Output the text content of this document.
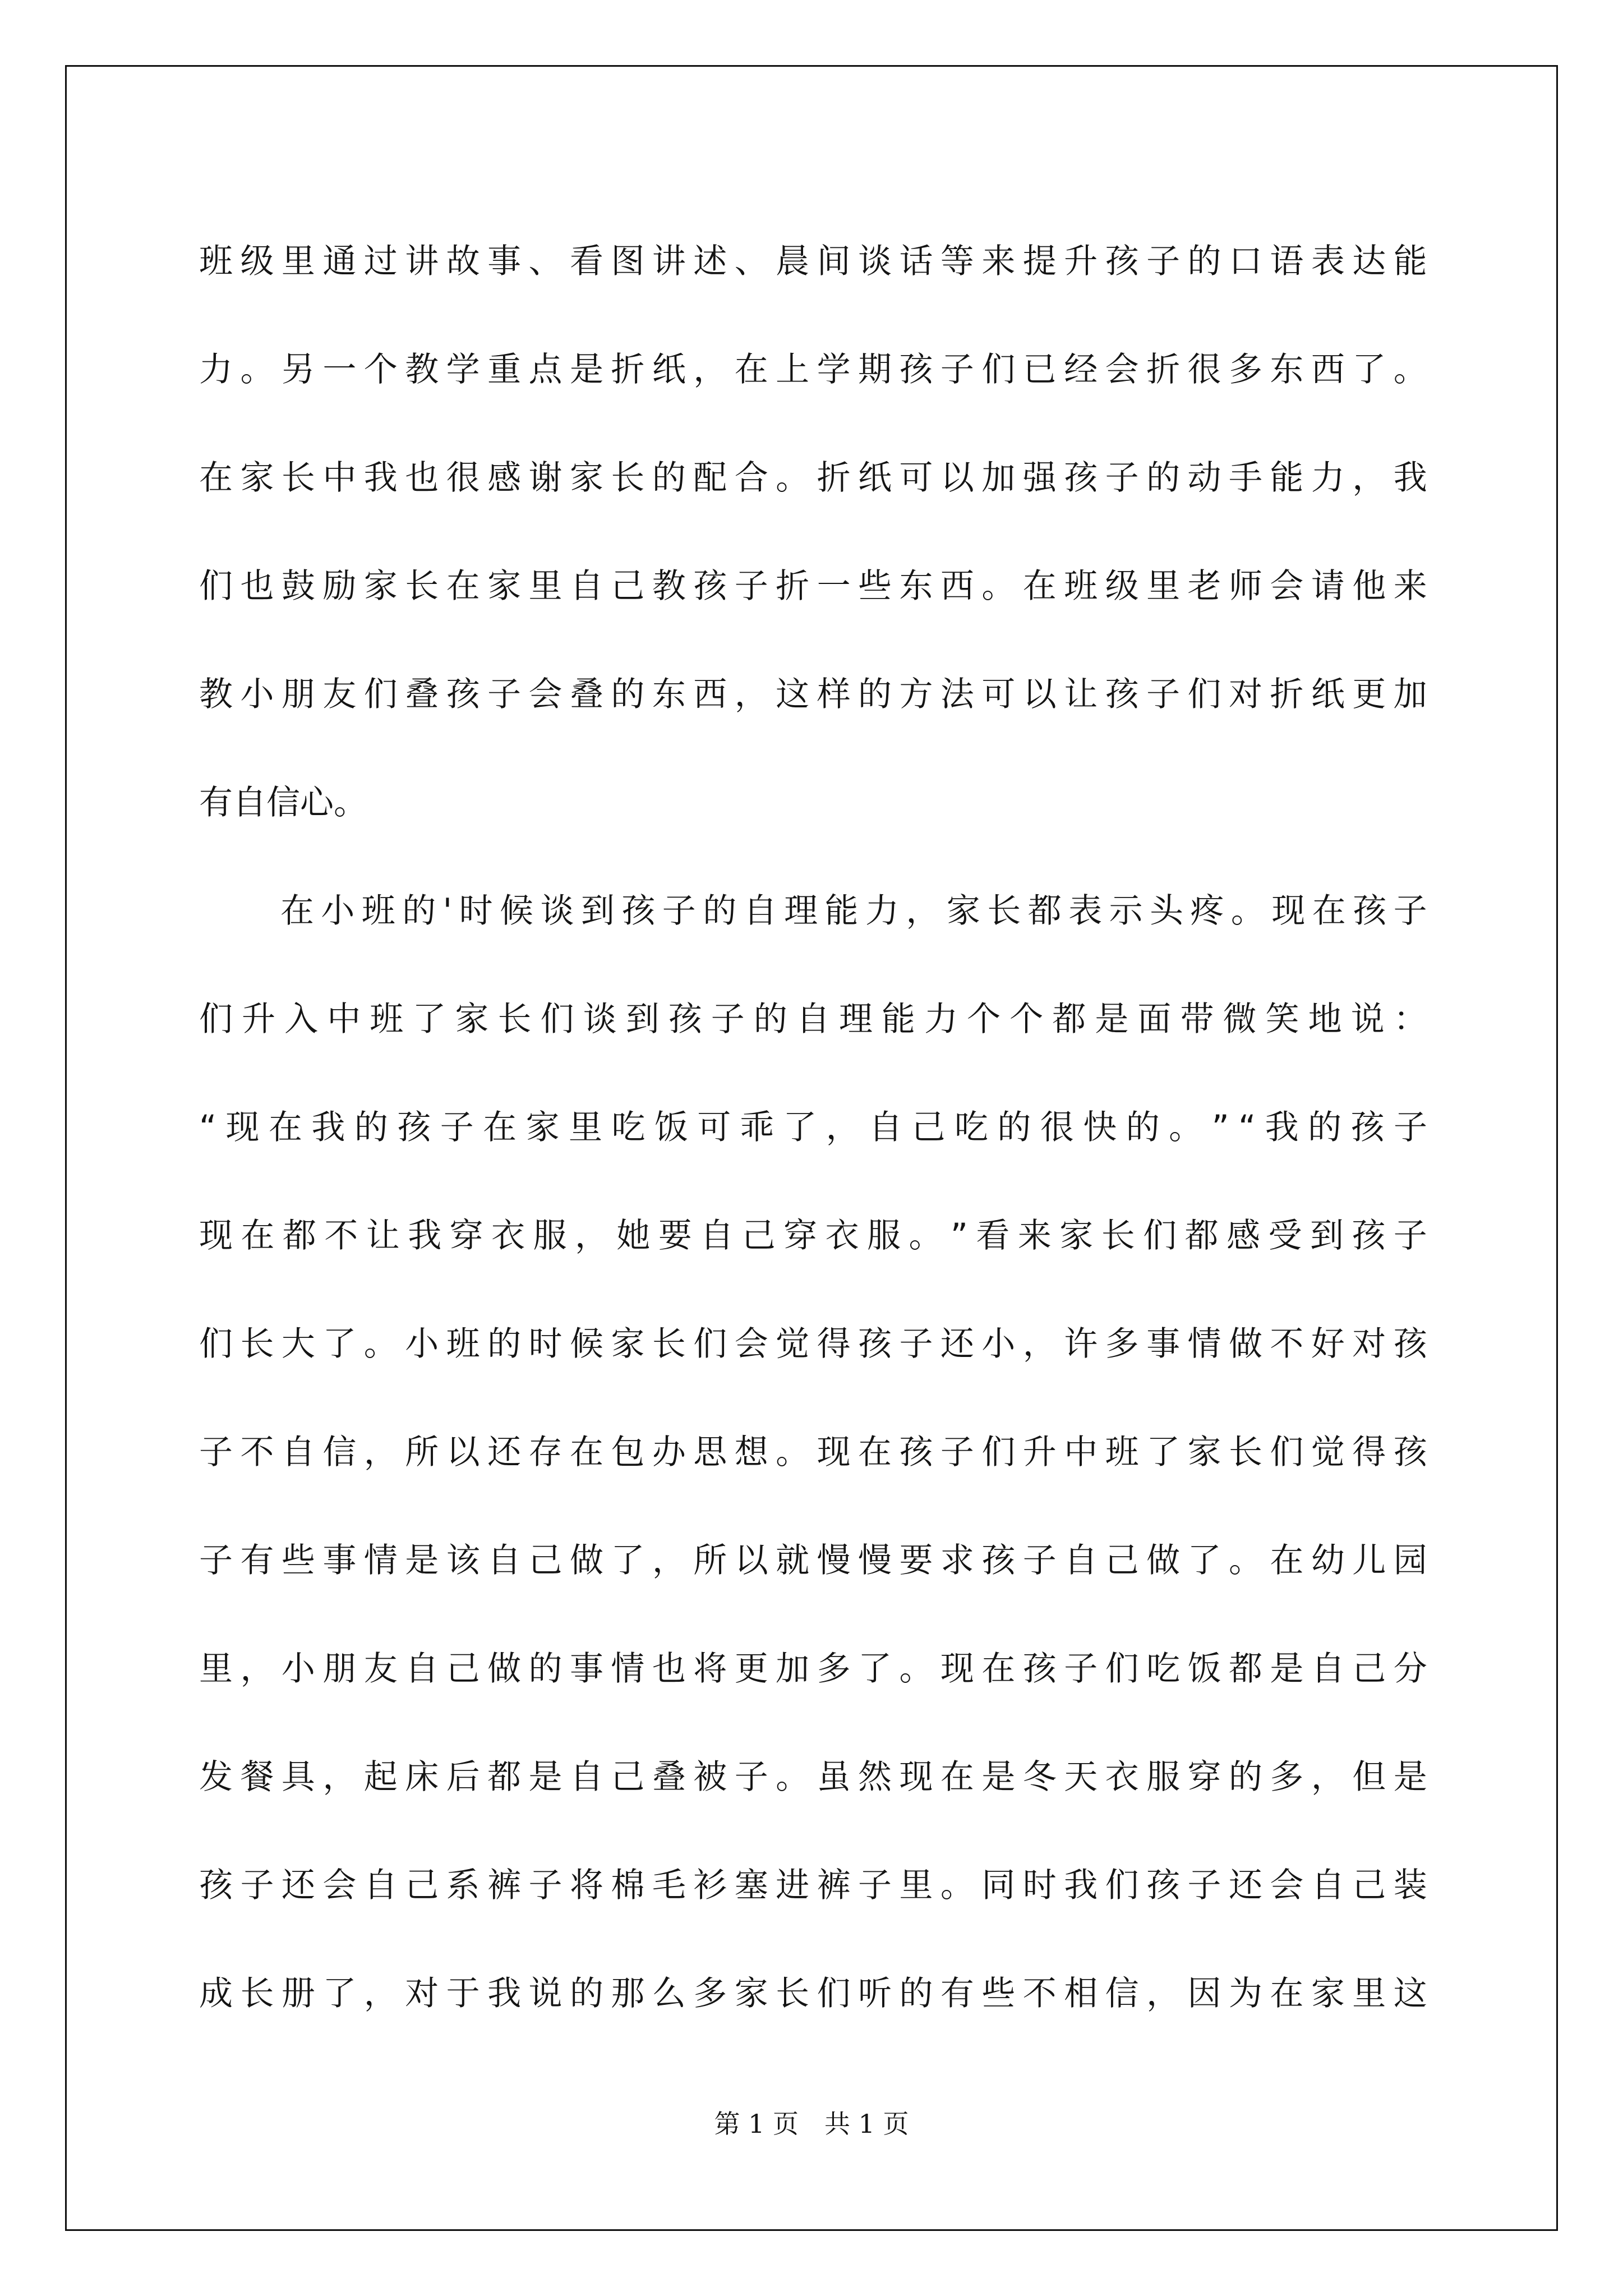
班 级 里 通 过 讲 故 事 、 看 图 讲 述 、 晨 间 谈 话 等 来 提 升 孩 子 的 口 语 表 达 能
力 。 另 一 个 教 学 重 点 是 折 纸 ， 在 上 学 期 孩 子 们 已 经 会 折 很 多 东 西 了 。
在 家 长 中 我 也 很 感 谢 家 长 的 配 合 。 折 纸 可 以 加 强 孩 子 的 动 手 能 力 ， 我
们 也 鼓 励 家 长 在 家 里 自 己 教 孩 子 折 一 些 东 西 。 在 班 级 里 老 师 会 请 他 来
教 小 朋 友 们 叠 孩 子 会 叠 的 东 西 ， 这 样 的 方 法 可 以 让 孩 子 们 对 折 纸 更 加
有 自 信 心 。

在 小 班 的 ' 时 候 谈 到 孩 子 的 自 理 能 力 ， 家 长 都 表 示 头 疼 。 现 在 孩 子
们 升 入 中 班 了 家 长 们 谈 到 孩 子 的 自 理 能 力 个 个 都 是 面 带 微 笑 地 说 ：
“ 现 在 我 的 孩 子 在 家 里 吃 饭 可 乖 了 ， 自 己 吃 的 很 快 的 。 ” “ 我 的 孩 子
现 在 都 不 让 我 穿 衣 服 ， 她 要 自 己 穿 衣 服 。 ” 看 来 家 长 们 都 感 受 到 孩 子
们 长 大 了 。 小 班 的 时 候 家 长 们 会 觉 得 孩 子 还 小 ， 许 多 事 情 做 不 好 对 孩
子 不 自 信 ， 所 以 还 存 在 包 办 思 想 。 现 在 孩 子 们 升 中 班 了 家 长 们 觉 得 孩
子 有 些 事 情 是 该 自 己 做 了 ， 所 以 就 慢 慢 要 求 孩 子 自 己 做 了 。 在 幼 儿 园
里 ， 小 朋 友 自 己 做 的 事 情 也 将 更 加 多 了 。 现 在 孩 子 们 吃 饭 都 是 自 己 分
发 餐 具 ， 起 床 后 都 是 自 己 叠 被 子 。 虽 然 现 在 是 冬 天 衣 服 穿 的 多 ， 但 是
孩 子 还 会 自 己 系 裤 子 将 棉 毛 衫 塞 进 裤 子 里 。 同 时 我 们 孩 子 还 会 自 己 装
成 长 册 了 ， 对 于 我 说 的 那 么 多 家 长 们 听 的 有 些 不 相 信 ， 因 为 在 家 里 这
第 1 页 共 1 页
